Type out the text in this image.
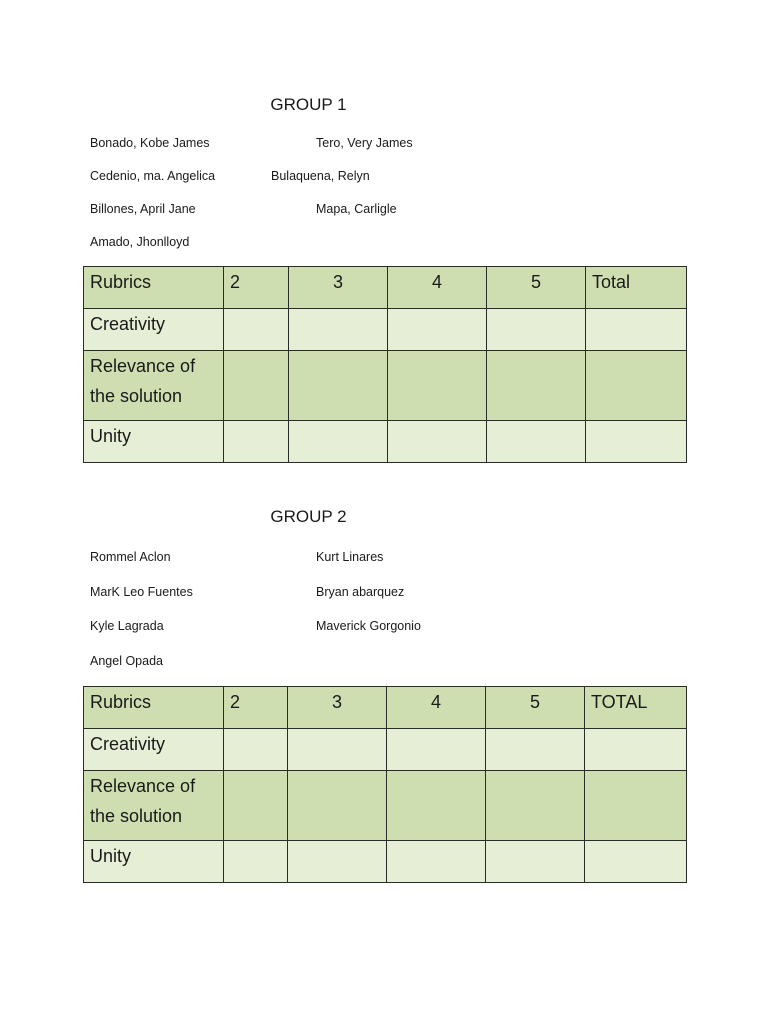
GROUP 1
Bonado, Kobe James
Cedenio, ma. Angelica
Billones, April Jane
Amado, Jhonlloyd
Tero, Very James
Bulaquena, Relyn
Mapa, Carligle
Rubrics	2	3	4	5	Total
Creativity					
Relevance of the solution					
Unity					
GROUP 2
Rommel Aclon
MarK Leo Fuentes
Kyle Lagrada
Angel Opada
Kurt Linares
Bryan abarquez
Maverick Gorgonio
Rubrics	2	3	4	5	TOTAL
Creativity					
Relevance of the solution					
Unity					
